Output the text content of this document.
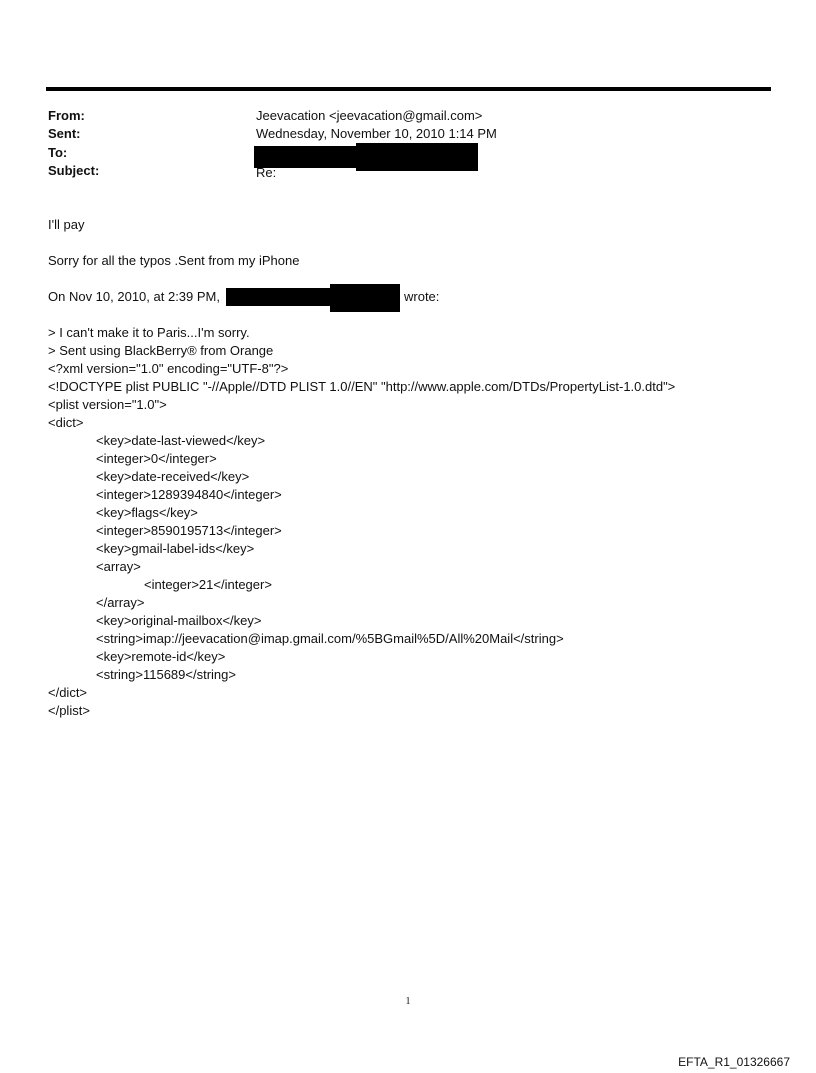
From:	Jeevacation <jeevacation@gmail.com>
Sent:	Wednesday, November 10, 2010 1:14 PM
To:
Subject:	Re:
I'll pay
Sorry for all the typos .Sent from my iPhone
On Nov 10, 2010, at 2:39 PM,	wrote:
> I can't make it to Paris...I'm sorry.
> Sent using BlackBerry® from Orange
<?xml version="1.0" encoding="UTF-8"?>
<!DOCTYPE plist PUBLIC "-//Apple//DTD PLIST 1.0//EN" "http://www.apple.com/DTDs/PropertyList-1.0.dtd">
<plist version="1.0">
<dict>
<key>date-last-viewed</key>
<integer>0</integer>
<key>date-received</key>
<integer>1289394840</integer>
<key>flags</key>
<integer>8590195713</integer>
<key>gmail-label-ids</key>
<array>
<integer>21</integer>
</array>
<key>original-mailbox</key>
<string>imap://jeevacation@imap.gmail.com/%5BGmail%5D/All%20Mail</string>
<key>remote-id</key>
<string>115689</string>
</dict>
</plist>
1
EFTA_R1_01326667
